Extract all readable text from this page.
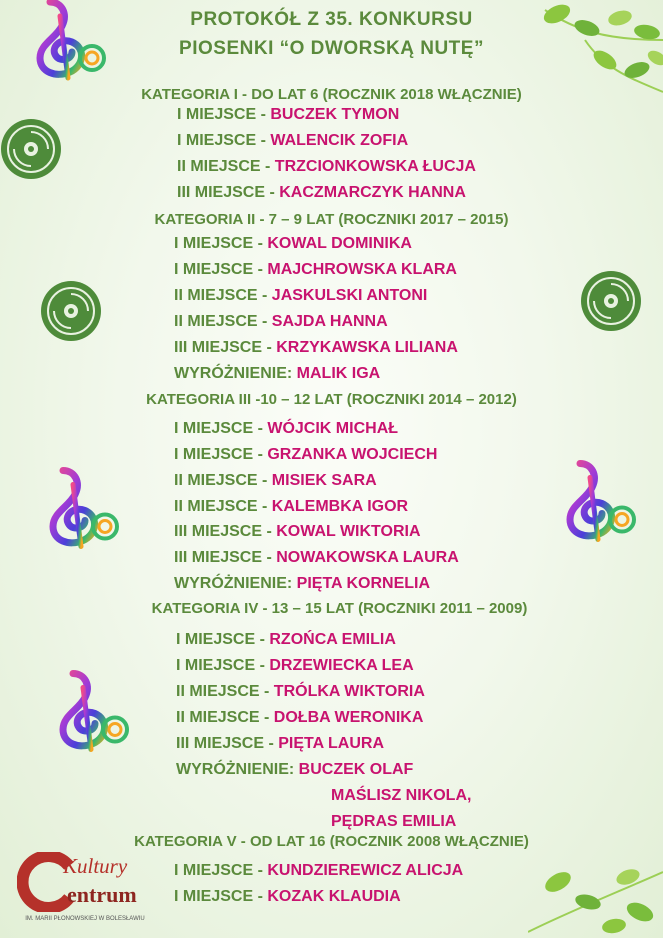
Kultury
entrum
IM. MARII PŁONOWSKIEJ W BOLESŁAWIU
PROTOKÓŁ Z 35. KONKURSU
PIOSENKI “O DWORSKĄ NUTĘ”
KATEGORIA I - DO LAT 6 (ROCZNIK 2018 WŁĄCZNIE)
I MIEJSCE - BUCZEK TYMON
I MIEJSCE - WALENCIK ZOFIA
II MIEJSCE - TRZCIONKOWSKA ŁUCJA
III MIEJSCE - KACZMARCZYK HANNA
KATEGORIA II - 7 – 9 LAT (ROCZNIKI 2017 – 2015)
I MIEJSCE - KOWAL DOMINIKA
I MIEJSCE - MAJCHROWSKA KLARA
II MIEJSCE - JASKULSKI ANTONI
II MIEJSCE - SAJDA HANNA
III MIEJSCE - KRZYKAWSKA LILIANA
WYRÓŻNIENIE: MALIK IGA
KATEGORIA III -10 – 12 LAT (ROCZNIKI 2014 – 2012)
I MIEJSCE - WÓJCIK MICHAŁ
I MIEJSCE - GRZANKA WOJCIECH
II MIEJSCE - MISIEK SARA
II MIEJSCE - KALEMBKA IGOR
III MIEJSCE - KOWAL WIKTORIA
III MIEJSCE - NOWAKOWSKA LAURA
WYRÓŻNIENIE: PIĘTA KORNELIA
KATEGORIA IV - 13 – 15 LAT (ROCZNIKI 2011 – 2009)
I MIEJSCE - RZOŃCA EMILIA
I MIEJSCE - DRZEWIECKA LEA
II MIEJSCE - TRÓLKA WIKTORIA
II MIEJSCE - DOŁBA WERONIKA
III MIEJSCE - PIĘTA LAURA
WYRÓŻNIENIE: BUCZEK OLAF
MAŚLISZ NIKOLA,
PĘDRAS EMILIA
KATEGORIA V - OD LAT 16 (ROCZNIK 2008 WŁĄCZNIE)
I MIEJSCE - KUNDZIEREWICZ ALICJA
I MIEJSCE - KOZAK KLAUDIA
